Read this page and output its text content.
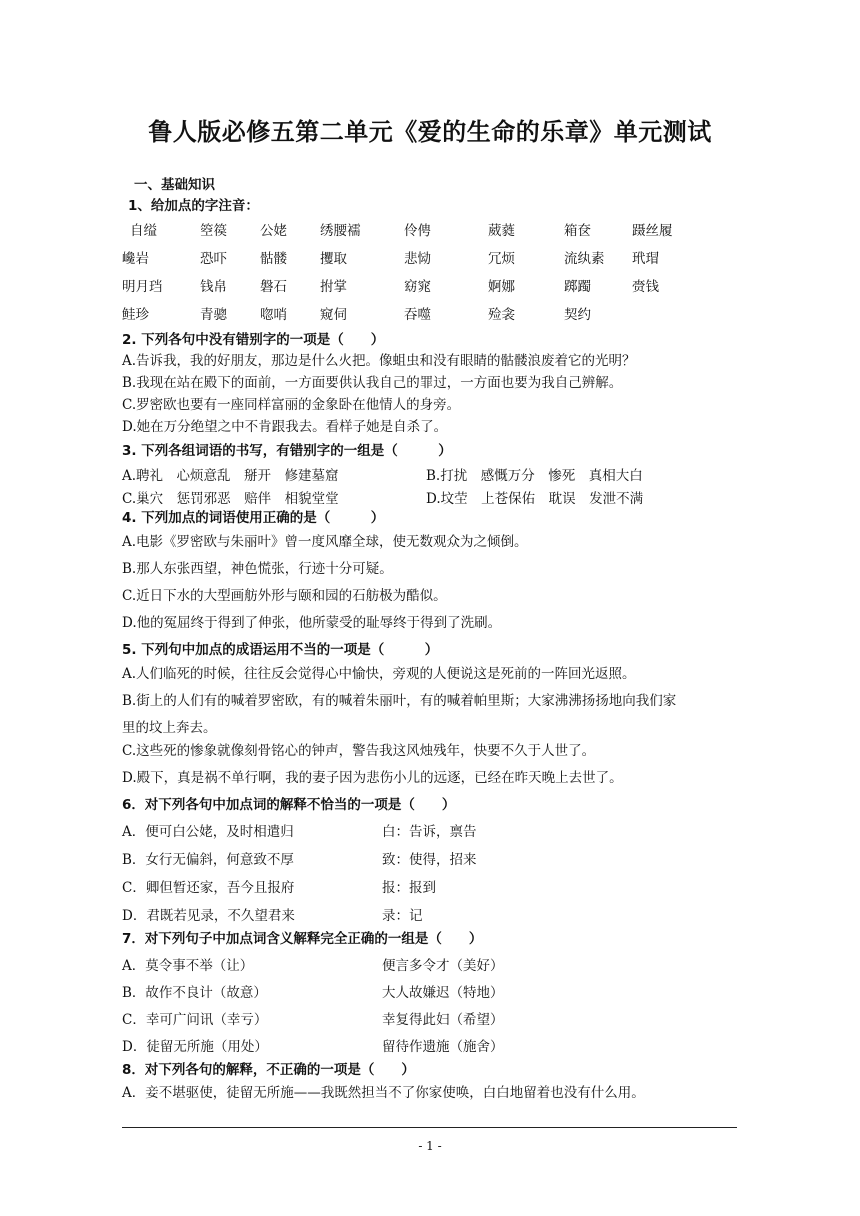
鲁人版必修五第二单元《爱的生命的乐章》单元测试
一、基础知识
1、给加点的字注音：
自缢	箜篌 公姥 绣腰襦	伶俜	葳蕤	箱奁	蹑丝履
巉岩	恐吓 骷髅 攫取	悲恸	冗烦	流纨素 玳瑁
明月珰	钱帛 磐石 拊掌	窈窕	婀娜	踯躅	赍钱
鲑珍	青骢 唿哨 窥伺	吞噬	殓衾	契约
2. 下列各句中没有错别字的一项是（　　）
A.告诉我，我的好朋友，那边是什么火把。像蛆虫和没有眼睛的骷髅浪废着它的光明？
B.我现在站在殿下的面前，一方面要供认我自己的罪过，一方面也要为我自己辨解。
C.罗密欧也要有一座同样富丽的金象卧在他情人的身旁。
D.她在万分绝望之中不肯跟我去。看样子她是自杀了。
3. 下列各组词语的书写，有错别字的一组是（　　　）
A.聘礼　心烦意乱　掰开　修建墓窟	B.打扰　感慨万分　惨死　真相大白
C.巢穴　惩罚邪恶　赔伴　相貌堂堂	D.坟茔　上苍保佑　耽误　发泄不满
4. 下列加点的词语使用正确的是（　　　）
A.电影《罗密欧与朱丽叶》曾一度风靡全球，使无数观众为之倾倒。
B.那人东张西望，神色慌张，行迹十分可疑。
C.近日下水的大型画舫外形与颐和园的石舫极为酷似。
D.他的冤屈终于得到了伸张，他所蒙受的耻辱终于得到了洗刷。
5. 下列句中加点的成语运用不当的一项是（　　　）
A.人们临死的时候，往往反会觉得心中愉快，旁观的人便说这是死前的一阵回光返照。
B.街上的人们有的喊着罗密欧，有的喊着朱丽叶，有的喊着帕里斯；大家沸沸扬扬地向我们家
里的坟上奔去。
C.这些死的惨象就像刻骨铭心的钟声，警告我这风烛残年，快要不久于人世了。
D.殿下，真是祸不单行啊，我的妻子因为悲伤小儿的远逐，已经在昨天晚上去世了。
6．对下列各句中加点词的解释不恰当的一项是（　　）
A．便可白公姥，及时相遣归	白：告诉，禀告
B．女行无偏斜，何意致不厚	致：使得，招来
C．卿但暂还家，吾今且报府	报：报到
D．君既若见录，不久望君来	录：记
7．对下列句子中加点词含义解释完全正确的一组是（　　）
A．莫令事不举（让）	便言多令才（美好）
B．故作不良计（故意）	大人故嫌迟（特地）
C．幸可广问讯（幸亏）	幸复得此妇（希望）
D．徒留无所施（用处）	留待作遗施（施舍）
8．对下列各句的解释，不正确的一项是（　　）
A．妾不堪驱使，徒留无所施——我既然担当不了你家使唤，白白地留着也没有什么用。
- 1 -
